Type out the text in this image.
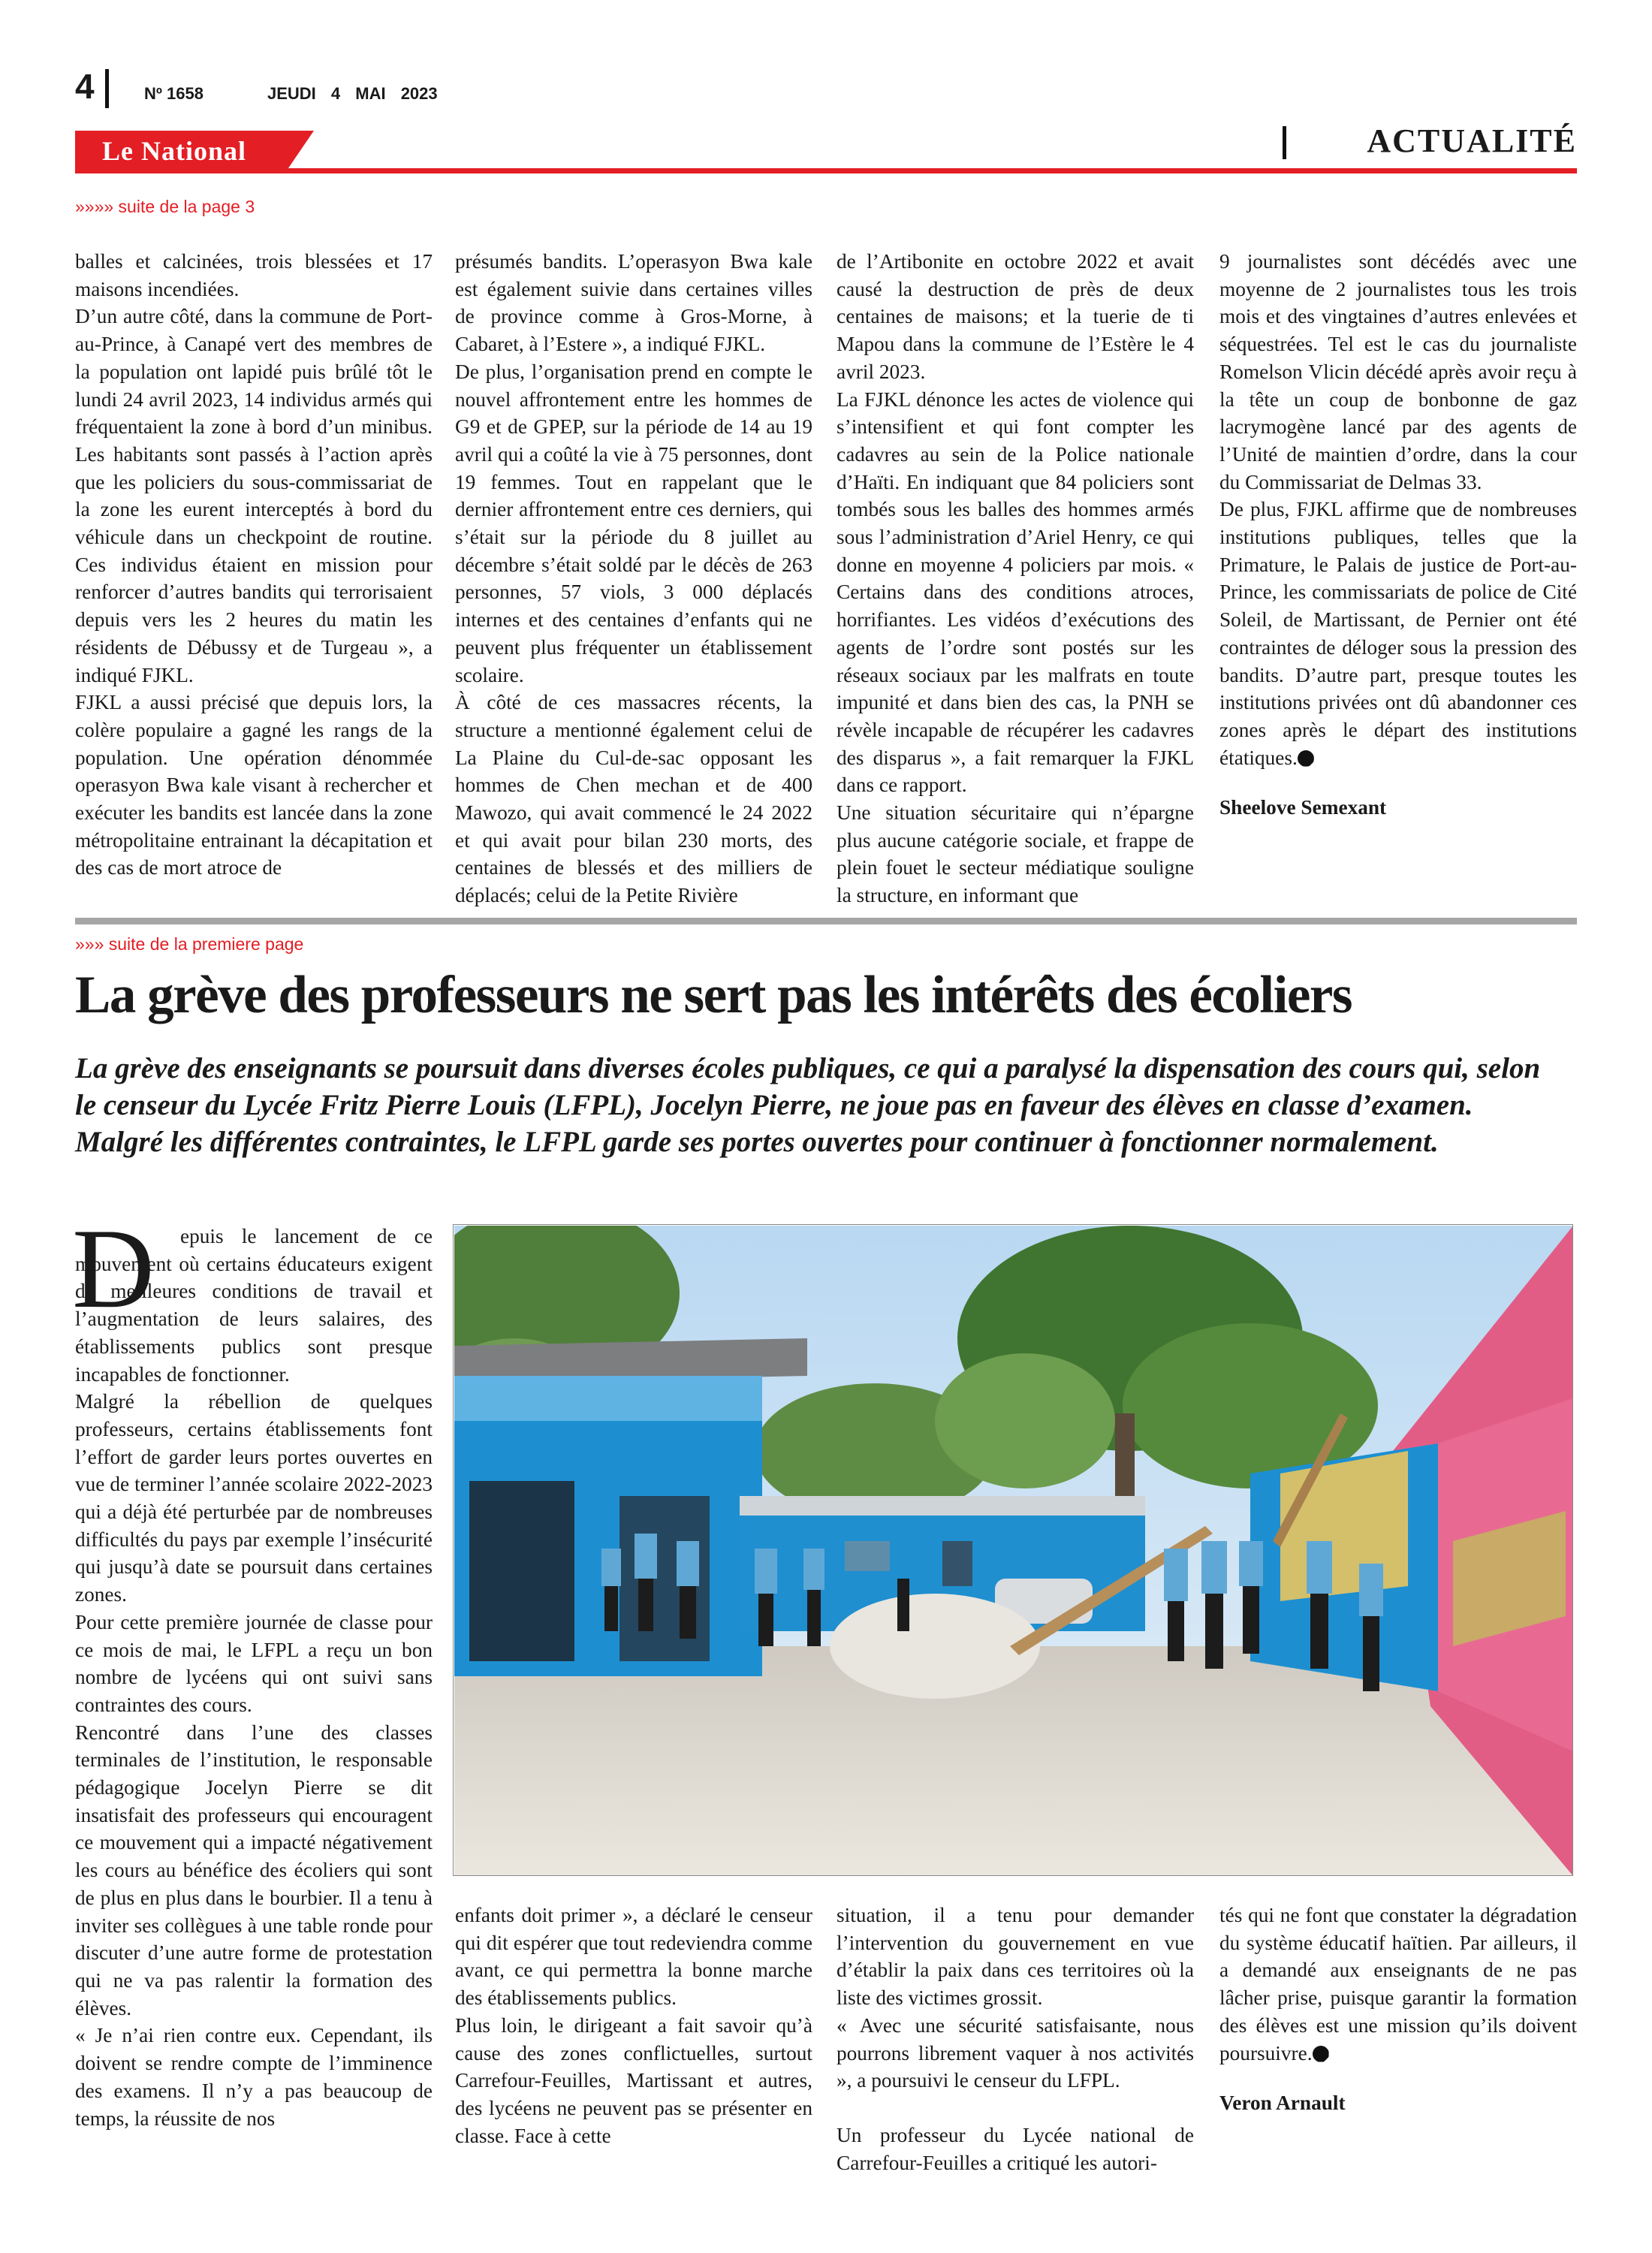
4	Nº 1658	JEUDI 4 MAI 2023
Le National	ACTUALITÉ
»»»» suite de la page 3

balles et calcinées, trois blessées et 17 maisons incendiées.

D’un autre côté, dans la commune de Port-au-Prince, à Canapé vert des membres de la population ont lapidé puis brûlé tôt le lundi 24 avril 2023, 14 individus armés qui fréquentaient la zone à bord d’un minibus. Les habitants sont passés à l’action après que les policiers du sous-commissariat de la zone les eurent interceptés à bord du véhicule dans un checkpoint de routine. Ces individus étaient en mission pour renforcer d’autres bandits qui terrorisaient depuis vers les 2 heures du matin les résidents de Débussy et de Turgeau », a indiqué FJKL.

FJKL a aussi précisé que depuis lors, la colère populaire a gagné les rangs de la population. Une opération dénommée operasyon Bwa kale visant à rechercher et exécuter les bandits est lancée dans la zone métropolitaine entrainant la décapitation et des cas de mort atroce de

présumés bandits. L’operasyon Bwa kale est également suivie dans certaines villes de province comme à Gros-Morne, à Cabaret, à l’Estere », a indiqué FJKL.

De plus, l’organisation prend en compte le nouvel affrontement entre les hommes de G9 et de GPEP, sur la période de 14 au 19 avril qui a coûté la vie à 75 personnes, dont 19 femmes. Tout en rappelant que le dernier affrontement entre ces derniers, qui s’était sur la période du 8 juillet au décembre s’était soldé par le décès de 263 personnes, 57 viols, 3 000 déplacés internes et des centaines d’enfants qui ne peuvent plus fréquenter un établissement scolaire.

À côté de ces massacres récents, la structure a mentionné également celui de La Plaine du Cul-de-sac opposant les hommes de Chen mechan et de 400 Mawozo, qui avait commencé le 24 2022 et qui avait pour bilan 230 morts, des centaines de blessés et des milliers de déplacés; celui de la Petite Rivière

de l’Artibonite en octobre 2022 et avait causé la destruction de près de deux centaines de maisons; et la tuerie de ti Mapou dans la commune de l’Estère le 4 avril 2023.

La FJKL dénonce les actes de violence qui s’intensifient et qui font compter les cadavres au sein de la Police nationale d’Haïti. En indiquant que 84 policiers sont tombés sous les balles des hommes armés sous l’administration d’Ariel Henry, ce qui donne en moyenne 4 policiers par mois. « Certains dans des conditions atroces, horrifiantes. Les vidéos d’exécutions des agents de l’ordre sont postés sur les réseaux sociaux par les malfrats en toute impunité et dans bien des cas, la PNH se révèle incapable de récupérer les cadavres des disparus », a fait remarquer la FJKL dans ce rapport.

Une situation sécuritaire qui n’épargne plus aucune catégorie sociale, et frappe de plein fouet le secteur médiatique souligne la structure, en informant que

9 journalistes sont décédés avec une moyenne de 2 journalistes tous les trois mois et des vingtaines d’autres enlevées et séquestrées. Tel est le cas du journaliste Romelson Vlicin décédé après avoir reçu à la tête un coup de bonbonne de gaz lacrymogène lancé par des agents de l’Unité de maintien d’ordre, dans la cour du Commissariat de Delmas 33.

De plus, FJKL affirme que de nombreuses institutions publiques, telles que la Primature, le Palais de justice de Port-au-Prince, les commissariats de police de Cité Soleil, de Martissant, de Pernier ont été contraintes de déloger sous la pression des bandits. D’autre part, presque toutes les institutions privées ont dû abandonner ces zones après le départ des institutions étatiques.

Sheelove Semexant

»»» suite de la premiere page
La grève des professeurs ne sert pas les intérêts des écoliers
La grève des enseignants se poursuit dans diverses écoles publiques, ce qui a paralysé la dispensation des cours qui, selon le censeur du Lycée Fritz Pierre Louis (LFPL), Jocelyn Pierre, ne joue pas en faveur des élèves en classe d’examen. Malgré les différentes contraintes, le LFPL garde ses portes ouvertes pour continuer à fonctionner normalement.
D	epuis le lancement de ce mouvement où certains éducateurs exigent de meilleures conditions de travail et l’augmentation de leurs salaires, des établissements publics sont presque incapables de fonctionner.

Malgré la rébellion de quelques professeurs, certains établissements font l’effort de garder leurs portes ouvertes en vue de terminer l’année scolaire 2022-2023 qui a déjà été perturbée par de nombreuses difficultés du pays par exemple l’insécurité qui jusqu’à date se poursuit dans certaines zones.

Pour cette première journée de classe pour ce mois de mai, le LFPL a reçu un bon nombre de lycéens qui ont suivi sans contraintes des cours.

Rencontré dans l’une des classes terminales de l’institution, le responsable pédagogique Jocelyn Pierre se dit insatisfait des professeurs qui encouragent ce mouvement qui a impacté négativement les cours au bénéfice des écoliers qui sont de plus en plus dans le bourbier. Il a tenu à inviter ses collègues à une table ronde pour discuter d’une autre forme de protestation qui ne va pas ralentir la formation des élèves.

« Je n’ai rien contre eux. Cependant, ils doivent se rendre compte de l’imminence des examens. Il n’y a pas beaucoup de temps, la réussite de nos

enfants doit primer », a déclaré le censeur qui dit espérer que tout redeviendra comme avant, ce qui permettra la bonne marche des établissements publics.

Plus loin, le dirigeant a fait savoir qu’à cause des zones conflictuelles, surtout Carrefour-Feuilles, Martissant et autres, des lycéens ne peuvent pas se présenter en classe. Face à cette

situation, il a tenu pour demander l’intervention du gouvernement en vue d’établir la paix dans ces territoires où la liste des victimes grossit.

« Avec une sécurité satisfaisante, nous pourrons librement vaquer à nos activités », a poursuivi le censeur du LFPL.

Un professeur du Lycée national de Carrefour-Feuilles a critiqué les autori-

tés qui ne font que constater la dégradation du système éducatif haïtien. Par ailleurs, il a demandé aux enseignants de ne pas lâcher prise, puisque garantir la formation des élèves est une mission qu’ils doivent poursuivre.

Veron Arnault
